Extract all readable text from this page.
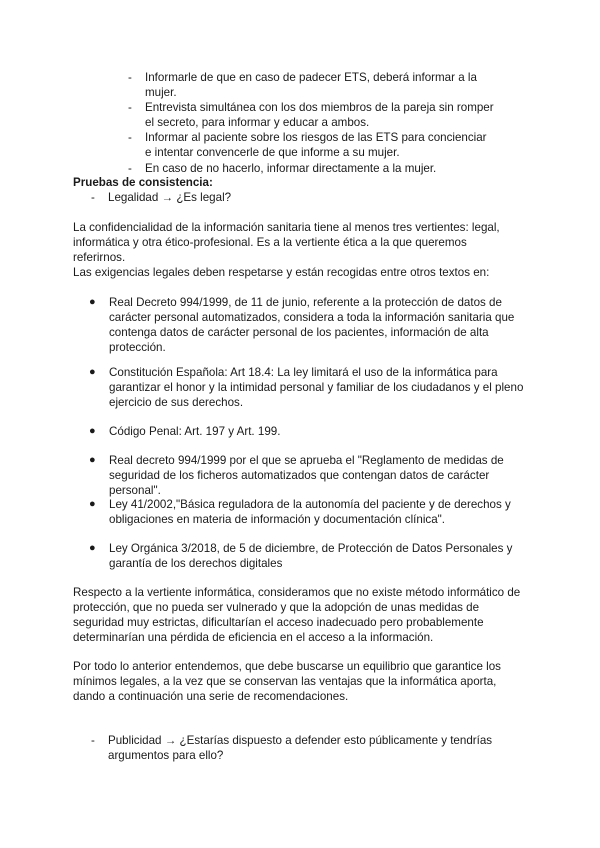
- Informarle de que en caso de padecer ETS, deberá informar a la mujer.
- Entrevista simultánea con los dos miembros de la pareja sin romper el secreto, para informar y educar a ambos.
- Informar al paciente sobre los riesgos de las ETS para concienciar e intentar convencerle de que informe a su mujer.
- En caso de no hacerlo, informar directamente a la mujer.
Pruebas de consistencia:
- Legalidad → ¿Es legal?
La confidencialidad de la información sanitaria tiene al menos tres vertientes: legal, informática y otra ético-profesional. Es a la vertiente ética a la que queremos referirnos.
Las exigencias legales deben respetarse y están recogidas entre otros textos en:
● Real Decreto 994/1999, de 11 de junio, referente a la protección de datos de carácter personal automatizados, considera a toda la información sanitaria que contenga datos de carácter personal de los pacientes, información de alta protección.
● Constitución Española: Art 18.4: La ley limitará el uso de la informática para garantizar el honor y la intimidad personal y familiar de los ciudadanos y el pleno ejercicio de sus derechos.
● Código Penal: Art. 197 y Art. 199.
● Real decreto 994/1999 por el que se aprueba el "Reglamento de medidas de seguridad de los ficheros automatizados que contengan datos de carácter personal".
● Ley 41/2002,"Básica reguladora de la autonomía del paciente y de derechos y obligaciones en materia de información y documentación clínica".
● Ley Orgánica 3/2018, de 5 de diciembre, de Protección de Datos Personales y garantía de los derechos digitales
Respecto a la vertiente informática, consideramos que no existe método informático de protección, que no pueda ser vulnerado y que la adopción de unas medidas de seguridad muy estrictas, dificultarían el acceso inadecuado pero probablemente determinarían una pérdida de eficiencia en el acceso a la información.
Por todo lo anterior entendemos, que debe buscarse un equilibrio que garantice los mínimos legales, a la vez que se conservan las ventajas que la informática aporta, dando a continuación una serie de recomendaciones.
- Publicidad → ¿Estarías dispuesto a defender esto públicamente y tendrías argumentos para ello?
